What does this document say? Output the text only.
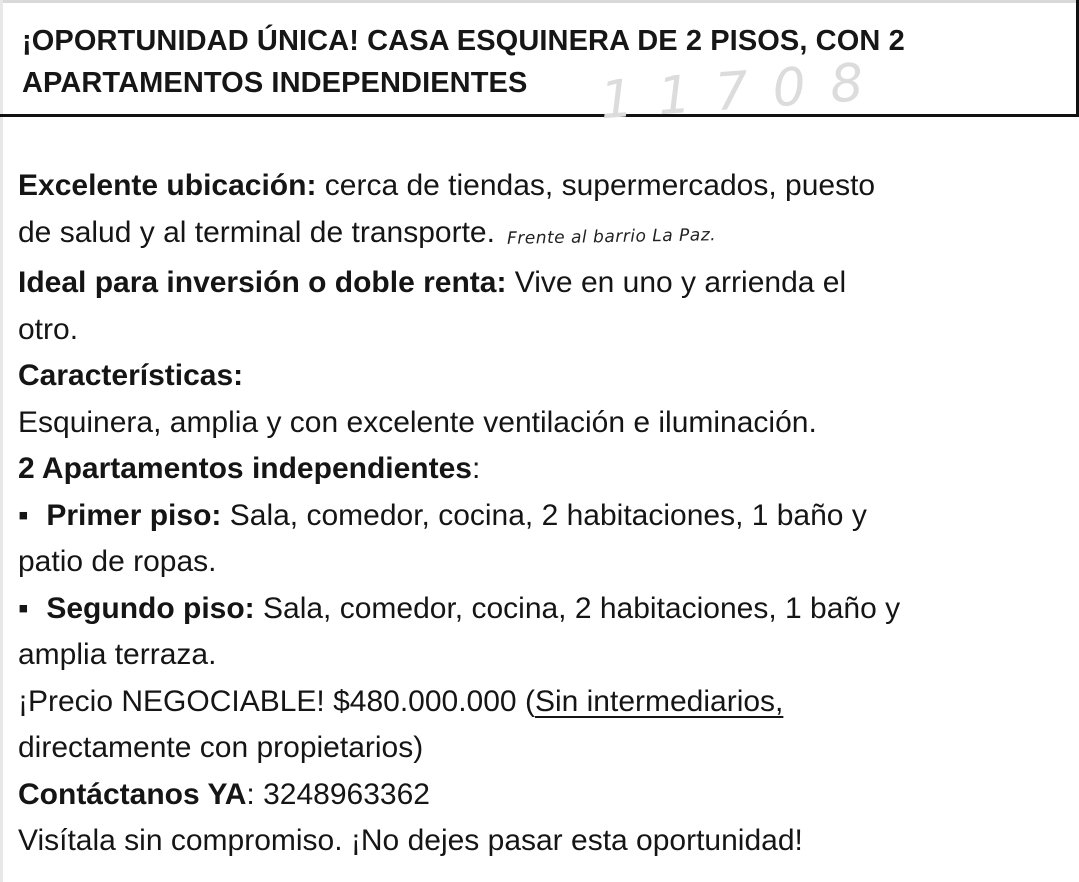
¡OPORTUNIDAD ÚNICA! CASA ESQUINERA DE 2 PISOS, CON 2
APARTAMENTOS INDEPENDIENTES	1 1 7 0 8
Excelente ubicación: cerca de tiendas, supermercados, puesto
de salud y al terminal de transporte. Frente al barrio La Paz.
Ideal para inversión o doble renta: Vive en uno y arrienda el
otro.
Características:
Esquinera, amplia y con excelente ventilación e iluminación.
2 Apartamentos independientes:
▪ Primer piso: Sala, comedor, cocina, 2 habitaciones, 1 baño y
patio de ropas.
▪ Segundo piso: Sala, comedor, cocina, 2 habitaciones, 1 baño y
amplia terraza.
¡Precio NEGOCIABLE! $480.000.000 (Sin intermediarios,
directamente con propietarios)
Contáctanos YA: 3248963362
Visítala sin compromiso. ¡No dejes pasar esta oportunidad!
